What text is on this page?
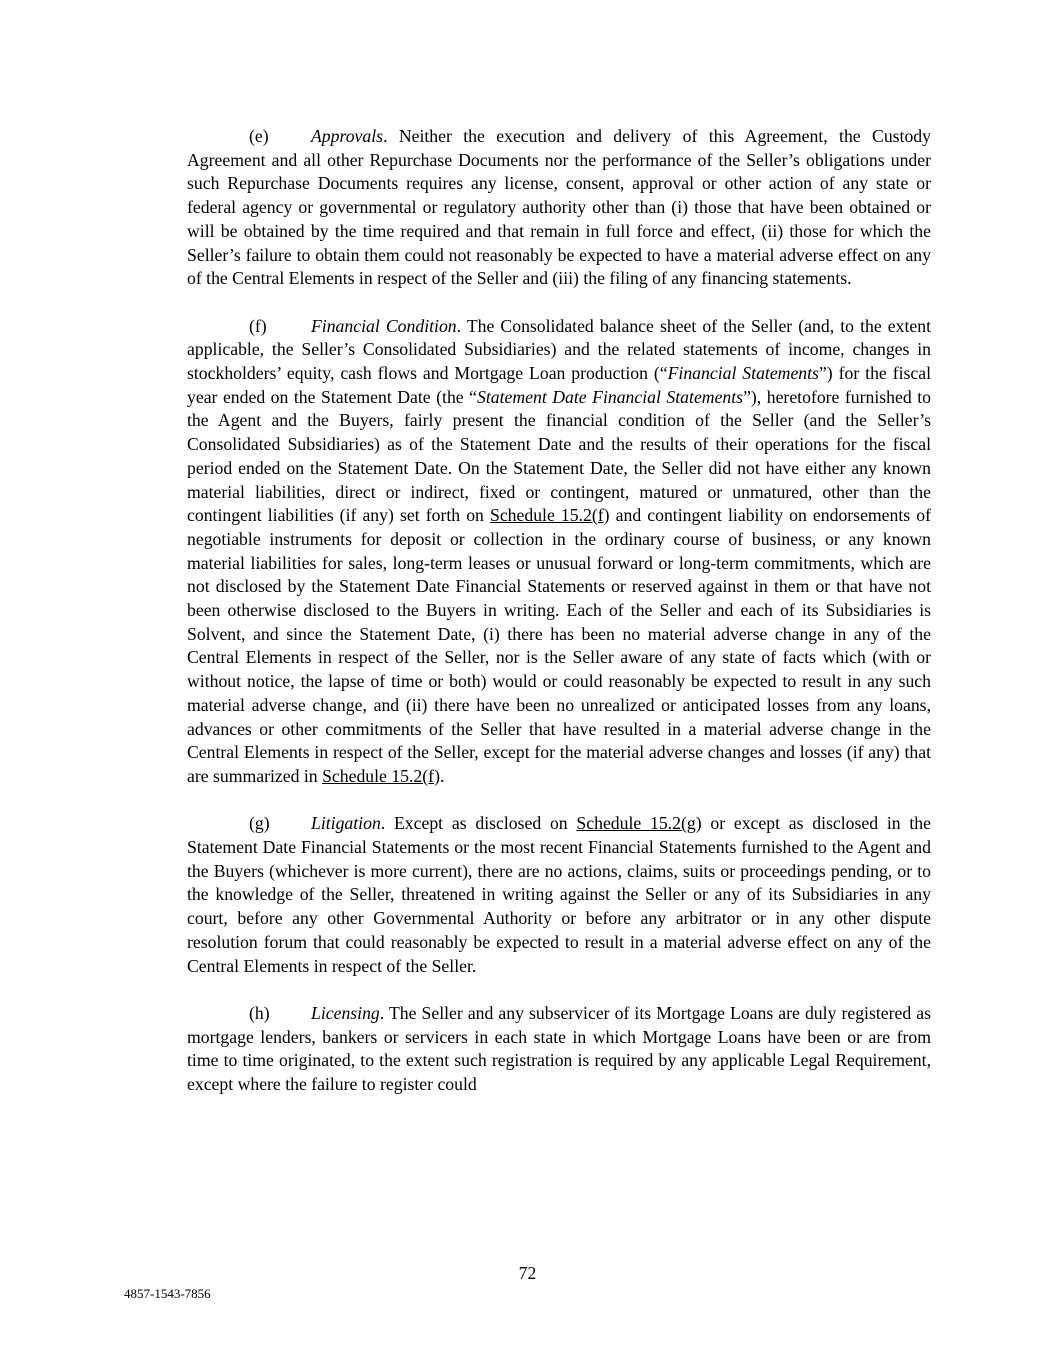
(e) Approvals. Neither the execution and delivery of this Agreement, the Custody Agreement and all other Repurchase Documents nor the performance of the Seller’s obligations under such Repurchase Documents requires any license, consent, approval or other action of any state or federal agency or governmental or regulatory authority other than (i) those that have been obtained or will be obtained by the time required and that remain in full force and effect, (ii) those for which the Seller’s failure to obtain them could not reasonably be expected to have a material adverse effect on any of the Central Elements in respect of the Seller and (iii) the filing of any financing statements.

(f)	Financial Condition. The Consolidated balance sheet of the Seller (and, to the extent applicable, the Seller’s Consolidated Subsidiaries) and the related statements of income, changes in stockholders’ equity, cash flows and Mortgage Loan production (“Financial Statements”) for the fiscal year ended on the Statement Date (the “Statement Date Financial Statements”), heretofore furnished to the Agent and the Buyers, fairly present the financial condition of the Seller (and the Seller’s Consolidated Subsidiaries) as of the Statement Date and the results of their operations for the fiscal period ended on the Statement Date. On the Statement Date, the Seller did not have either any known material liabilities, direct or indirect, fixed or contingent, matured or unmatured, other than the contingent liabilities (if any) set forth on Schedule 15.2(f) and contingent liability on endorsements of negotiable instruments for deposit or collection in the ordinary course of business, or any known material liabilities for sales, long-term leases or unusual forward or long-term commitments, which are not disclosed by the Statement Date Financial Statements or reserved against in them or that have not been otherwise disclosed to the Buyers in writing. Each of the Seller and each of its Subsidiaries is Solvent, and since the Statement Date, (i) there has been no material adverse change in any of the Central Elements in respect of the Seller, nor is the Seller aware of any state of facts which (with or without notice, the lapse of time or both) would or could reasonably be expected to result in any such material adverse change, and (ii) there have been no unrealized or anticipated losses from any loans, advances or other commitments of the Seller that have resulted in a material adverse change in the Central Elements in respect of the Seller, except for the material adverse changes and losses (if any) that are summarized in Schedule 15.2(f).

(g) Litigation. Except as disclosed on Schedule 15.2(g) or except as disclosed in the Statement Date Financial Statements or the most recent Financial Statements furnished to the Agent and the Buyers (whichever is more current), there are no actions, claims, suits or proceedings pending, or to the knowledge of the Seller, threatened in writing against the Seller or any of its Subsidiaries in any court, before any other Governmental Authority or before any arbitrator or in any other dispute resolution forum that could reasonably be expected to result in a material adverse effect on any of the Central Elements in respect of the Seller.

(h) Licensing. The Seller and any subservicer of its Mortgage Loans are duly registered as mortgage lenders, bankers or servicers in each state in which Mortgage Loans have been or are from time to time originated, to the extent such registration is required by any applicable Legal Requirement, except where the failure to register could

72
4857-1543-7856
